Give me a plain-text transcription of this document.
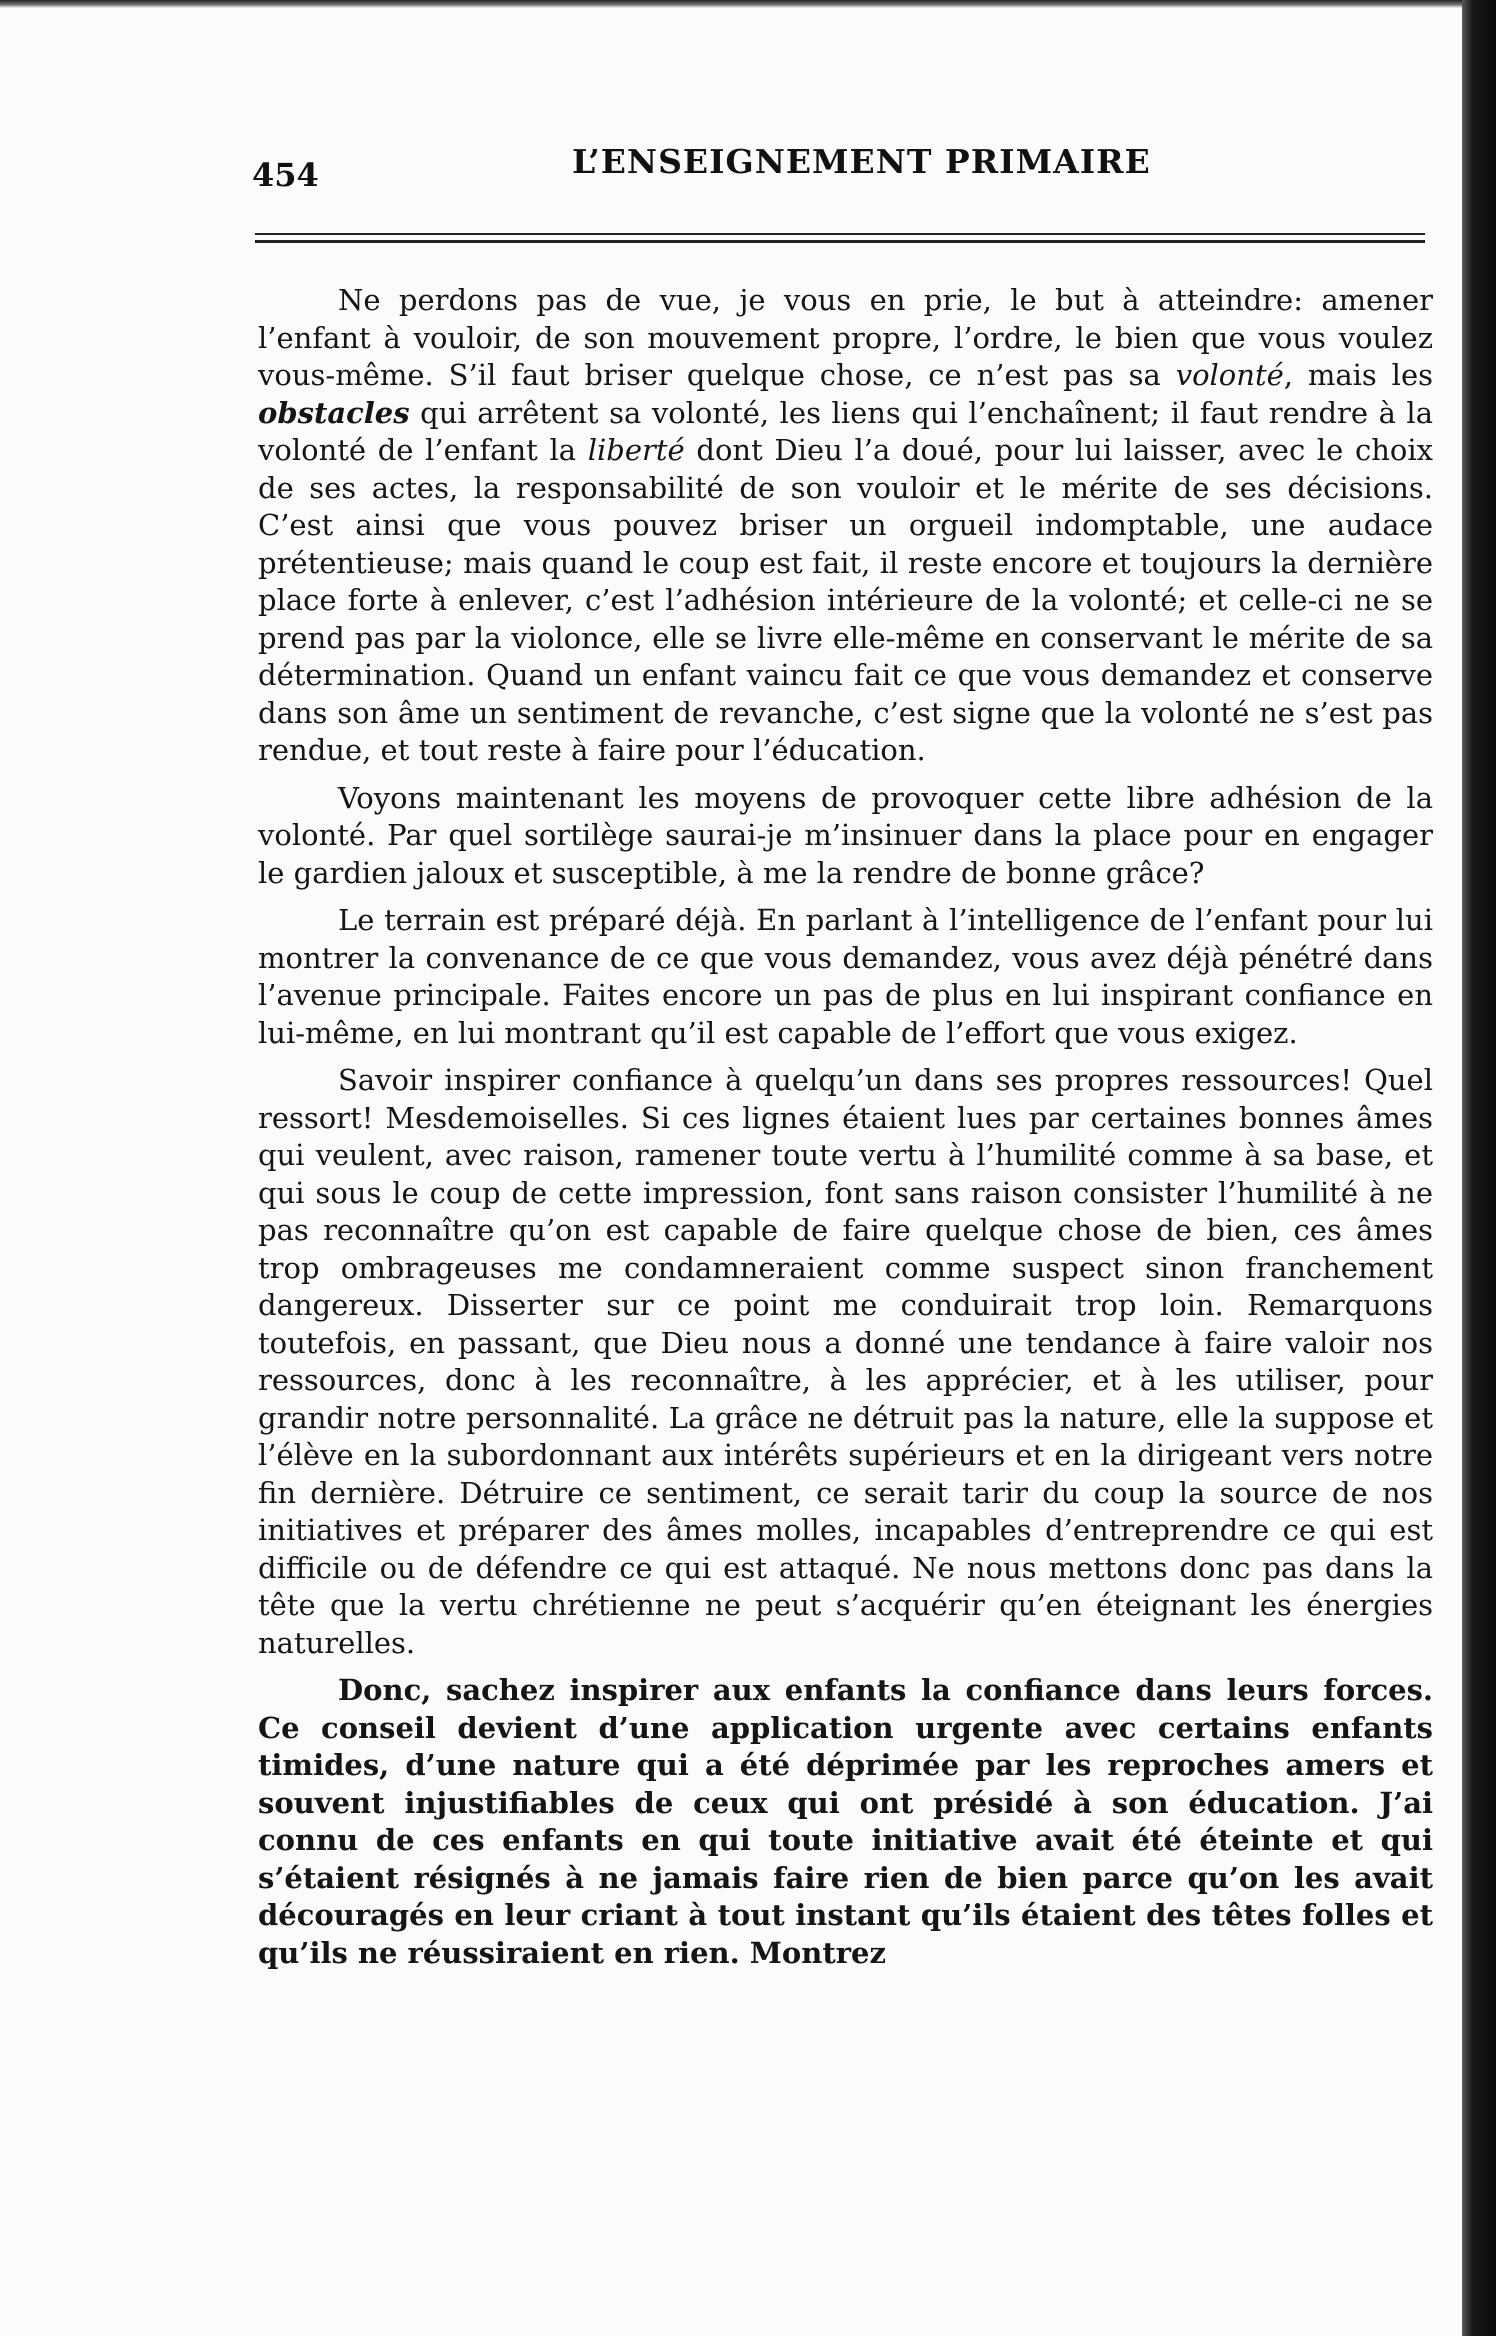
454	L’ENSEIGNEMENT PRIMAIRE

Ne perdons pas de vue, je vous en prie, le but à atteindre: amener l’enfant à vouloir, de son mouvement propre, l’ordre, le bien que vous voulez vous-même. S’il faut briser quelque chose, ce n’est pas sa volonté, mais les obstacles qui arrêtent sa volonté, les liens qui l’enchaînent; il faut rendre à la volonté de l’enfant la liberté dont Dieu l’a doué, pour lui laisser, avec le choix de ses actes, la responsabilité de son vouloir et le mérite de ses décisions. C’est ainsi que vous pouvez briser un orgueil indomptable, une audace prétentieuse; mais quand le coup est fait, il reste encore et toujours la dernière place forte à enlever, c’est l’adhésion intérieure de la volonté; et celle-ci ne se prend pas par la violonce, elle se livre elle-même en conservant le mérite de sa détermination. Quand un enfant vaincu fait ce que vous demandez et conserve dans son âme un sentiment de revanche, c’est signe que la volonté ne s’est pas rendue, et tout reste à faire pour l’éducation.

Voyons maintenant les moyens de provoquer cette libre adhésion de la volonté. Par quel sortilège saurai-je m’insinuer dans la place pour en engager le gardien jaloux et susceptible, à me la rendre de bonne grâce?

Le terrain est préparé déjà. En parlant à l’intelligence de l’enfant pour lui montrer la convenance de ce que vous demandez, vous avez déjà pénétré dans l’avenue principale. Faites encore un pas de plus en lui inspirant confiance en lui-même, en lui montrant qu’il est capable de l’effort que vous exigez.

Savoir inspirer confiance à quelqu’un dans ses propres ressources! Quel ressort! Mesdemoiselles. Si ces lignes étaient lues par certaines bonnes âmes qui veulent, avec raison, ramener toute vertu à l’humilité comme à sa base, et qui sous le coup de cette impression, font sans raison consister l’humilité à ne pas reconnaître qu’on est capable de faire quelque chose de bien, ces âmes trop ombrageuses me condamneraient comme suspect sinon franchement dangereux. Disserter sur ce point me conduirait trop loin. Remarquons toutefois, en passant, que Dieu nous a donné une tendance à faire valoir nos ressources, donc à les reconnaître, à les apprécier, et à les utiliser, pour grandir notre personnalité. La grâce ne détruit pas la nature, elle la suppose et l’élève en la subordonnant aux intérêts supérieurs et en la dirigeant vers notre fin dernière. Détruire ce sentiment, ce serait tarir du coup la source de nos initiatives et préparer des âmes molles, incapables d’entreprendre ce qui est difficile ou de défendre ce qui est attaqué. Ne nous mettons donc pas dans la tête que la vertu chrétienne ne peut s’acquérir qu’en éteignant les énergies naturelles.

Donc, sachez inspirer aux enfants la confiance dans leurs forces. Ce conseil devient d’une application urgente avec certains enfants timides, d’une nature qui a été déprimée par les reproches amers et souvent injustifiables de ceux qui ont présidé à son éducation. J’ai connu de ces enfants en qui toute initiative avait été éteinte et qui s’étaient résignés à ne jamais faire rien de bien parce qu’on les avait découragés en leur criant à tout instant qu’ils étaient des têtes folles et qu’ils ne réussiraient en rien. Montrez
